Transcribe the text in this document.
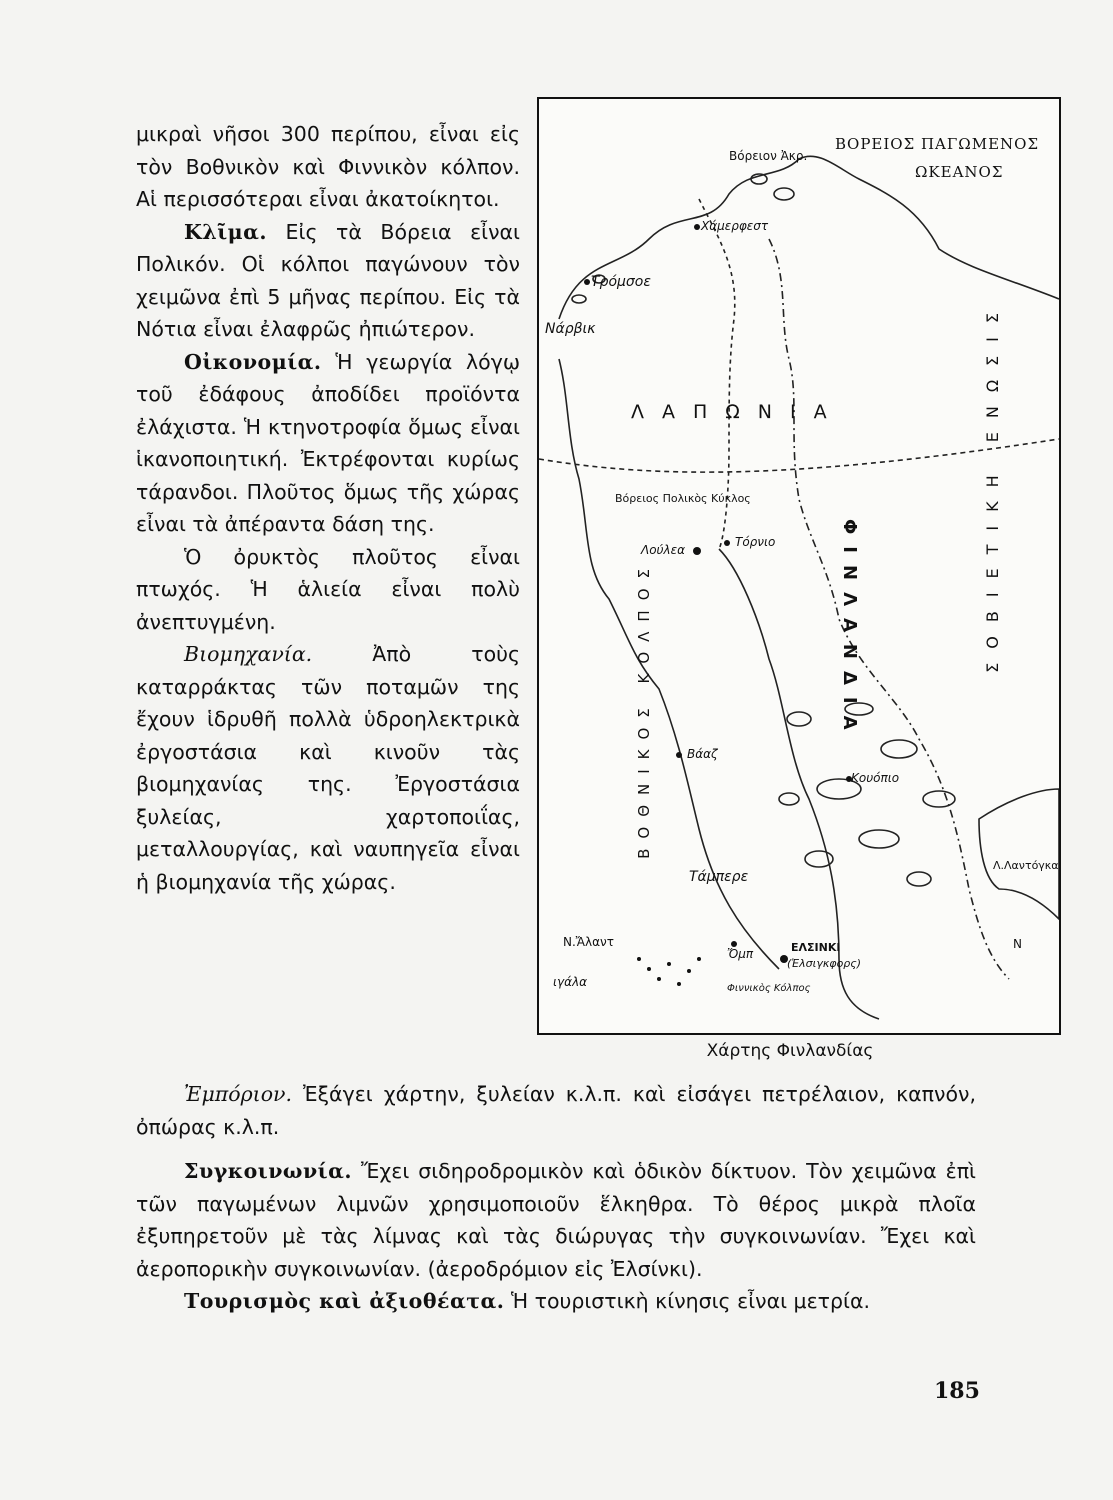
μικραὶ νῆσοι 300 περίπου, εἶναι εἰς τὸν Βοθνικὸν καὶ Φιννικὸν κόλπον. Αἱ περισσότεραι εἶναι ἀκατοίκητοι.

Κλῖμα. Εἰς τὰ Βόρεια εἶναι Πολικόν. Οἱ κόλποι παγώνουν τὸν χειμῶνα ἐπὶ 5 μῆνας περίπου. Εἰς τὰ Νότια εἶναι ἐλαφρῶς ἠπιώτερον.

Οἰκονομία. Ἡ γεωργία λόγῳ τοῦ ἐδάφους ἀποδίδει προϊόντα ἐλάχιστα. Ἡ κτηνοτροφία ὅμως εἶναι ἱκανοποιητική. Ἐκτρέφονται κυρίως τάρανδοι. Πλοῦτος ὅμως τῆς χώρας εἶναι τὰ ἀπέραντα δάση της.

Ὁ ὀρυκτὸς πλοῦτος εἶναι πτωχός. Ἡ ἁλιεία εἶναι πολὺ ἀνεπτυγμένη.

Βιομηχανία. Ἀπὸ τοὺς καταρράκτας τῶν ποταμῶν της ἔχουν ἱδρυθῆ πολλὰ ὑδροηλεκτρικὰ ἐργοστάσια καὶ κινοῦν τὰς βιομηχανίας της. Ἐργοστάσια ξυλείας, χαρτοποιΐας, μεταλλουργίας, καὶ ναυπηγεῖα εἶναι ἡ βιομηχανία τῆς χώρας.

ΒΟΡΕΙΟΣ ΠΑΓΩΜΕΝΟΣ
ΩΚΕΑΝΟΣ
Βόρειον Ἀκρ.
Χάμερφεστ
Τρόμσοε
Νάρβικ
ΛΑΠΩΝΙΑ
Βόρειος Πολικὸς Κύκλος
Λούλεα
Τόρνιο
Βάαζ
Κουόπιο
Τάμπερε
Ὄμπ	ΕΛΣΙΝΚΙ
(Ἐλσιγκφορς)
Ν.Ἄλαντ
ιγάλα	Φιννικὸς Κόλπος
Λ.Λαντόγκα
ΒΟΘΝΙΚΟΣ ΚΟΛΠΟΣ	ΦΙΝΛΑΝΔΙΑ	ΣΟΒΙΕΤΙΚΗ ΕΝΩΣΙΣ
N
Χάρτης Φινλανδίας

Ἐμπόριον. Ἐξάγει χάρτην, ξυλείαν κ.λ.π. καὶ εἰσάγει πετρέλαιον, καπνόν, ὀπώρας κ.λ.π.

Συγκοινωνία. Ἔχει σιδηροδρομικὸν καὶ ὁδικὸν δίκτυον. Τὸν χειμῶνα ἐπὶ τῶν παγωμένων λιμνῶν χρησιμοποιοῦν ἕλκηθρα. Τὸ θέρος μικρὰ πλοῖα ἐξυπηρετοῦν μὲ τὰς λίμνας καὶ τὰς διώρυγας τὴν συγκοινωνίαν. Ἔχει καὶ ἀεροπορικὴν συγκοινωνίαν. (ἀεροδρόμιον εἰς Ἐλσίνκι).

Τουρισμὸς καὶ ἀξιοθέατα. Ἡ τουριστικὴ κίνησις εἶναι μετρία.

185
